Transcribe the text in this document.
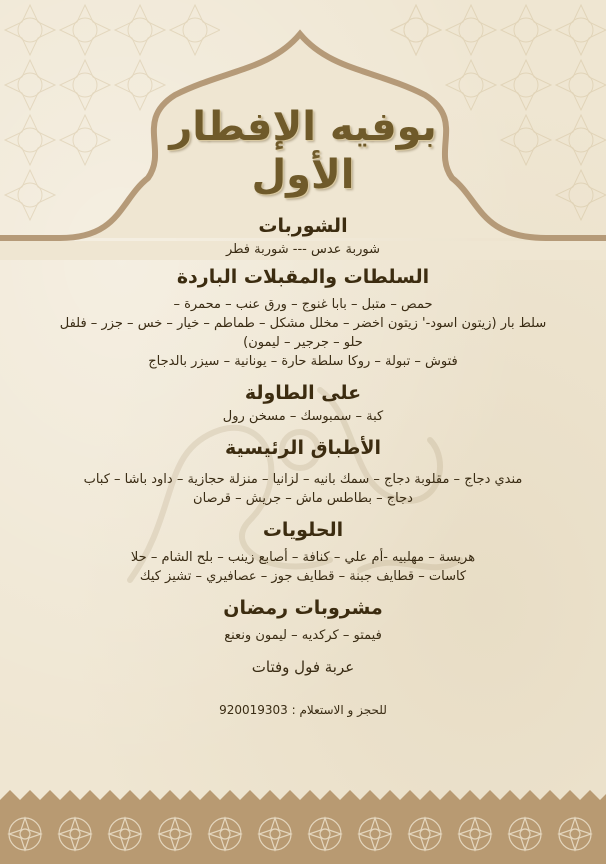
بوفيه الإفطار
الأول

الشوربات

شوربة عدس --- شوربة فطر

السلطات والمقبلات الباردة

حمص – متبل – بابا غنوج – ورق عنب – محمرة –

سلط بار (زيتون اسود-' زيتون اخضر – مخلل مشكل – طماطم – خيار – خس – جزر – فلفل

حلو – جرجير – ليمون)

فتوش – تبولة – روكا سلطة حارة – يونانية – سيزر بالدجاج

على الطاولة

كبة – سمبوسك – مسخن رول

الأطباق الرئيسية

مندي دجاج – مقلوبة دجاج – سمك بانيه – لزانيا – منزلة حجازية – داود باشا – كباب

دجاج – بطاطس ماش – جريش – قرصان

الحلويات

هريسة – مهلبيه -أم علي – كنافة – أصابع زينب – بلح الشام – حلا

كاسات – قطايف جبنة – قطايف جوز – عصافيري – تشيز كيك

مشروبات رمضان

فيمتو – كركديه – ليمون ونعنع

عربة فول وفتات

للحجز و الاستعلام : 920019303
